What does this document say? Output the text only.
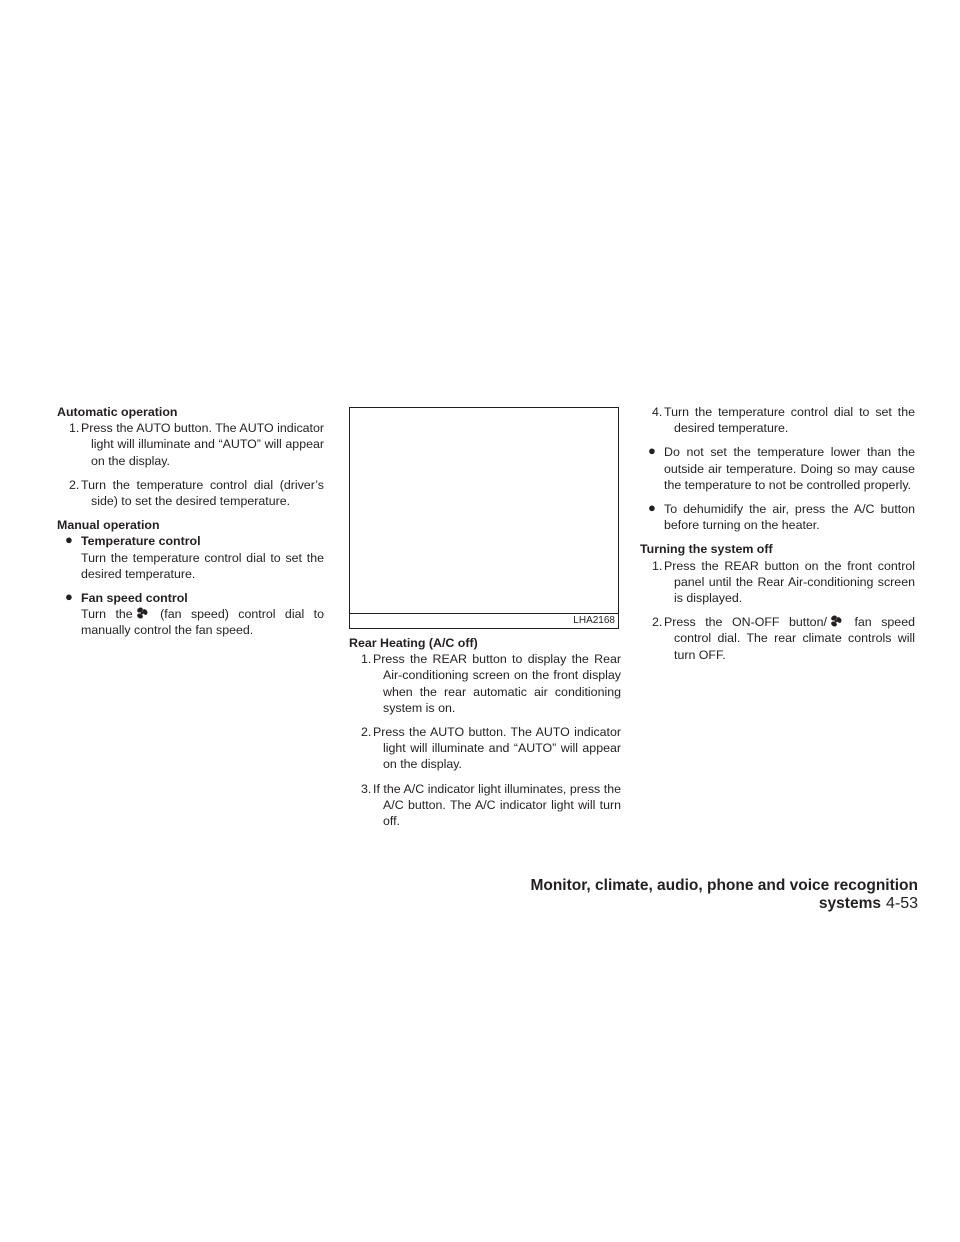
Automatic operation
1. Press the AUTO button. The AUTO indicator light will illuminate and “AUTO” will appear on the display.
2. Turn the temperature control dial (driver’s side) to set the desired temperature.
Manual operation
● Temperature control
Turn the temperature control dial to set the desired temperature.
● Fan speed control
Turn the (fan speed) control dial to manually control the fan speed.
LHA2168
Rear Heating (A/C off)
1. Press the REAR button to display the Rear Air-conditioning screen on the front display when the rear automatic air conditioning system is on.
2. Press the AUTO button. The AUTO indicator light will illuminate and “AUTO” will appear on the display.
3. If the A/C indicator light illuminates, press the A/C button. The A/C indicator light will turn off.
4. Turn the temperature control dial to set the desired temperature.
● Do not set the temperature lower than the outside air temperature. Doing so may cause the temperature to not be controlled properly.
● To dehumidify the air, press the A/C button before turning on the heater.
Turning the system off
1. Press the REAR button on the front control panel until the Rear Air-conditioning screen is displayed.
2. Press the ON-OFF button/ fan speed control dial. The rear climate controls will turn OFF.
Monitor, climate, audio, phone and voice recognition systems 4-53
